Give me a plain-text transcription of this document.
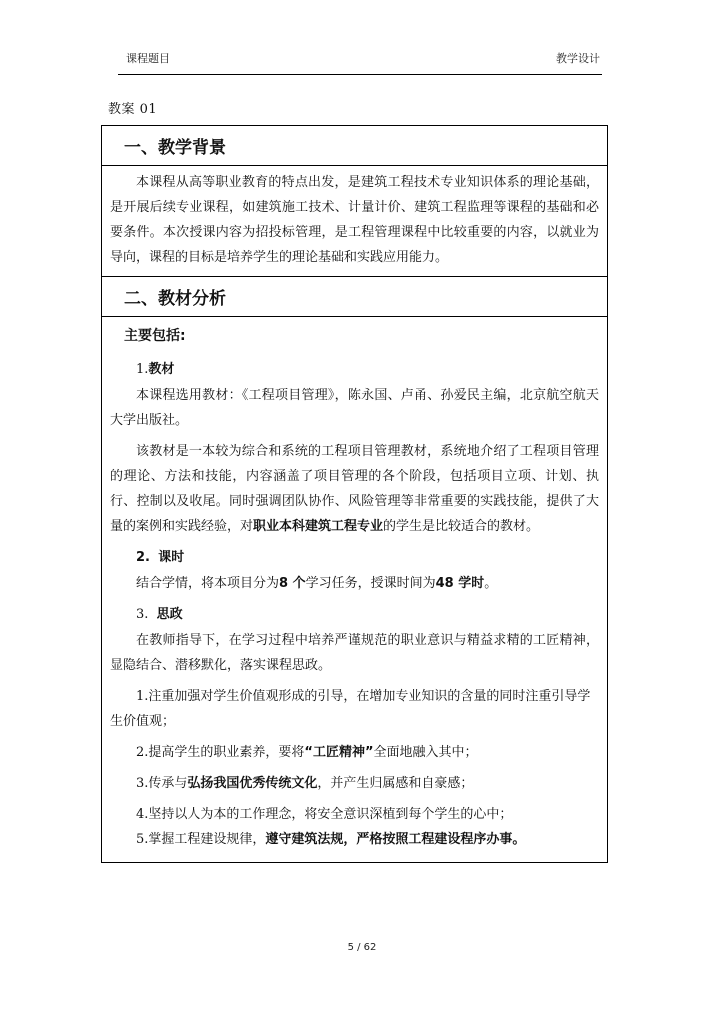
课程题目	教学设计
教案 01
一、教学背景
本课程从高等职业教育的特点出发，是建筑工程技术专业知识体系的理论基础，是开展后续专业课程，如建筑施工技术、计量计价、建筑工程监理等课程的基础和必要条件。本次授课内容为招投标管理，是工程管理课程中比较重要的内容，以就业为导向，课程的目标是培养学生的理论基础和实践应用能力。
二、教材分析
主要包括:
1.教材
本课程选用教材：《工程项目管理》，陈永国、卢甬、孙爱民主编，北京航空航天大学出版社。
该教材是一本较为综合和系统的工程项目管理教材，系统地介绍了工程项目管理的理论、方法和技能，内容涵盖了项目管理的各个阶段，包括项目立项、计划、执行、控制以及收尾。同时强调团队协作、风险管理等非常重要的实践技能，提供了大量的案例和实践经验，对职业本科建筑工程专业的学生是比较适合的教材。
2. 课时
结合学情，将本项目分为8 个学习任务，授课时间为48 学时。
3. 思政
在教师指导下，在学习过程中培养严谨规范的职业意识与精益求精的工匠精神，显隐结合、潜移默化，落实课程思政。
1.注重加强对学生价值观形成的引导，在增加专业知识的含量的同时注重引导学生价值观；
2.提高学生的职业素养，要将“工匠精神”全面地融入其中；
3.传承与弘扬我国优秀传统文化，并产生归属感和自豪感；
4.坚持以人为本的工作理念，将安全意识深植到每个学生的心中；
5.掌握工程建设规律，遵守建筑法规，严格按照工程建设程序办事。
5 / 62
